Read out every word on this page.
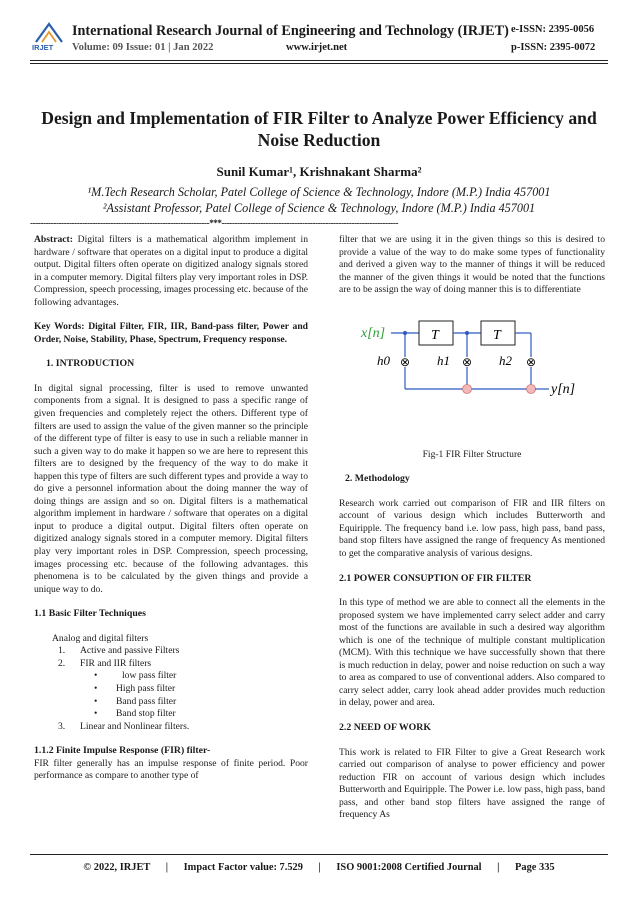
IRJET
International Research Journal of Engineering and Technology (IRJET) e-ISSN: 2395-0056
Volume: 09 Issue: 01 | Jan 2022	www.irjet.net	p-ISSN: 2395-0072
Design and Implementation of FIR Filter to Analyze Power Efficiency and Noise Reduction
Sunil Kumar¹, Krishnakant Sharma²
¹M.Tech Research Scholar, Patel College of Science & Technology, Indore (M.P.) India 457001
²Assistant Professor, Patel College of Science & Technology, Indore (M.P.) India 457001
---------------------------------------------------------------------***--------------------------------------------------------------------

Abstract: Digital filters is a mathematical algorithm implement in hardware / software that operates on a digital input to produce a digital output. Digital filters often operate on digitized analogy signals stored in a computer memory. Digital filters play very important roles in DSP. Compression, speech processing, images processing etc. because of the following advantages.

Key Words: Digital Filter, FIR, IIR, Band-pass filter, Power and Order, Noise, Stability, Phase, Spectrum, Frequency response.

1. INTRODUCTION

In digital signal processing, filter is used to remove unwanted components from a signal. It is designed to pass a specific range of given frequencies and completely reject the others. Different type of filters are used to assign the value of the given manner so the principle of the different type of filter is easy to use in such a reliable manner in such a given way to do make it happen so we are here to represent this filters are to designed by the frequency of the way to do make it happen this type of filters are such different types and provide a way to do give a personnel information about the doing manner the way of doing things are assign and so on. Digital filters is a mathematical algorithm implement in hardware / software that operates on a digital input to produce a digital output. Digital filters often operate on digitized analogy signals stored in a computer memory. Digital filters play very important roles in DSP. Compression, speech processing, images processing etc. because of the following advantages. this phenomena is to be calculated by the given things and provide a unique way to do.

1.1 Basic Filter Techniques

Analog and digital filters

1.	Active and passive Filters
2.	FIR and IIR filters
•	low pass filter
•	High pass filter
•	Band pass filter
•	Band stop filter
3.	Linear and Nonlinear filters.

1.1.2 Finite Impulse Response (FIR) filter-

FIR filter generally has an impulse response of finite period. Poor performance as compare to another type of

filter that we are using it in the given things so this is desired to provide a value of the way to do make some types of functionality and derived a given way to the manner of things it will be reduced the manner of the given things it would be noted that the functions are to be assign the way of doing manner this is to differentiate

x[n]	T	T
⊗	⊗	⊗
h0	h1	h2
y[n]

Fig-1 FIR Filter Structure

2. Methodology

Research work carried out comparison of FIR and IIR filters on account of various design which includes Butterworth and Equiripple. The frequency band i.e. low pass, high pass, band pass, band stop filters have assigned the range of frequency As mentioned to get the comparative analysis of various designs.

2.1 POWER CONSUPTION OF FIR FILTER

In this type of method we are able to connect all the elements in the proposed system we have implemented carry select adder and carry most of the functions are available in such a desired way algorithm which is one of the technique of multiple constant multiplication (MCM). With this technique we have successfully shown that there is much reduction in delay, power and noise reduction on such a way to area as compared to use of conventional adders. Also compared to carry select adder, carry look ahead adder provides much reduction in delay, power and area.

2.2 NEED OF WORK

This work is related to FIR Filter to give a Great Research work carried out comparison of analyse to power efficiency and power reduction FIR on account of various design which includes Butterworth and Equiripple. The Power i.e. low pass, high pass, band pass, and other band stop filters have assigned the range of frequency As

© 2022, IRJET      |      Impact Factor value: 7.529      |      ISO 9001:2008 Certified Journal      |      Page 335
